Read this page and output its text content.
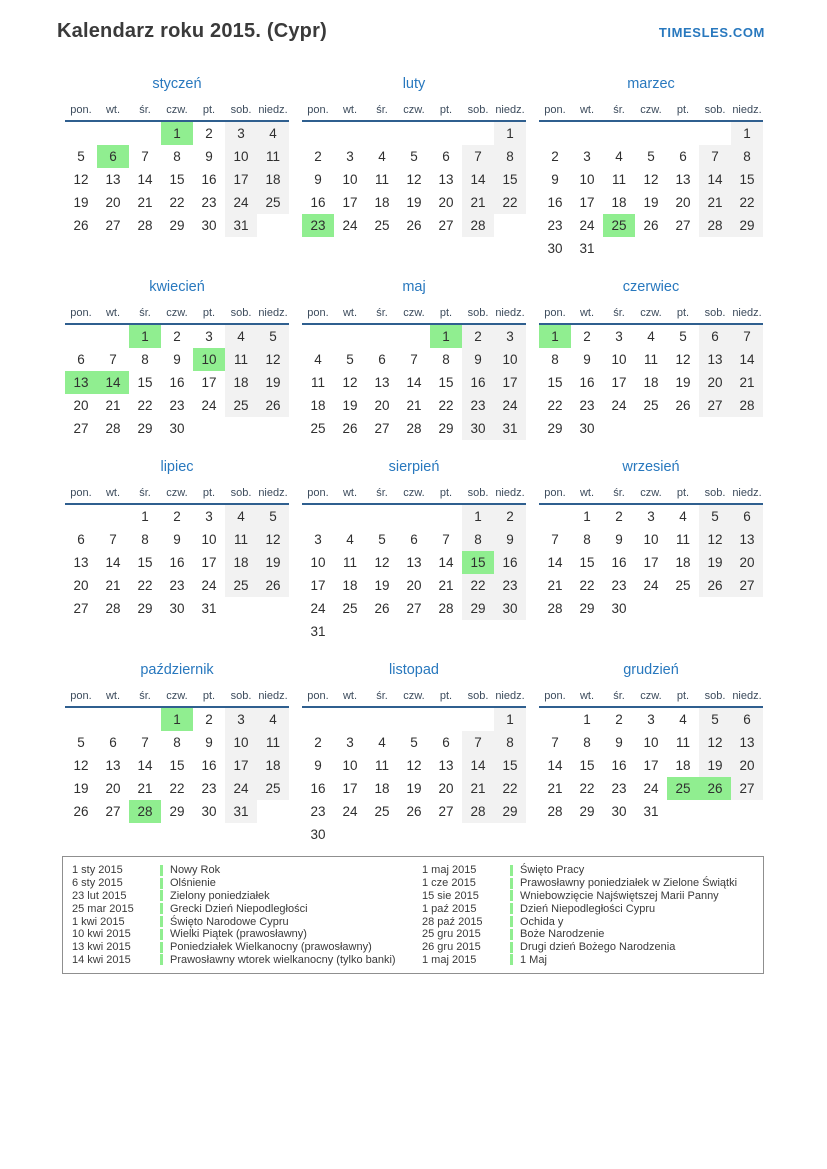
Kalendarz roku 2015. (Cypr)	TIMESLES.COM
styczeń
pon.	wt.	śr.	czw.	pt.	sob.	niedz.
			1	2	3	4
5	6	7	8	9	10	11
12	13	14	15	16	17	18
19	20	21	22	23	24	25
26	27	28	29	30	31	
luty
pon.	wt.	śr.	czw.	pt.	sob.	niedz.
						1
2	3	4	5	6	7	8
9	10	11	12	13	14	15
16	17	18	19	20	21	22
23	24	25	26	27	28	
marzec
pon.	wt.	śr.	czw.	pt.	sob.	niedz.
						1
2	3	4	5	6	7	8
9	10	11	12	13	14	15
16	17	18	19	20	21	22
23	24	25	26	27	28	29
30	31					
kwiecień
pon.	wt.	śr.	czw.	pt.	sob.	niedz.
		1	2	3	4	5
6	7	8	9	10	11	12
13	14	15	16	17	18	19
20	21	22	23	24	25	26
27	28	29	30			
maj
pon.	wt.	śr.	czw.	pt.	sob.	niedz.
				1	2	3
4	5	6	7	8	9	10
11	12	13	14	15	16	17
18	19	20	21	22	23	24
25	26	27	28	29	30	31
czerwiec
pon.	wt.	śr.	czw.	pt.	sob.	niedz.
1	2	3	4	5	6	7
8	9	10	11	12	13	14
15	16	17	18	19	20	21
22	23	24	25	26	27	28
29	30					
lipiec
pon.	wt.	śr.	czw.	pt.	sob.	niedz.
		1	2	3	4	5
6	7	8	9	10	11	12
13	14	15	16	17	18	19
20	21	22	23	24	25	26
27	28	29	30	31		
sierpień
pon.	wt.	śr.	czw.	pt.	sob.	niedz.
					1	2
3	4	5	6	7	8	9
10	11	12	13	14	15	16
17	18	19	20	21	22	23
24	25	26	27	28	29	30
31						
wrzesień
pon.	wt.	śr.	czw.	pt.	sob.	niedz.
	1	2	3	4	5	6
7	8	9	10	11	12	13
14	15	16	17	18	19	20
21	22	23	24	25	26	27
28	29	30				
październik
pon.	wt.	śr.	czw.	pt.	sob.	niedz.
			1	2	3	4
5	6	7	8	9	10	11
12	13	14	15	16	17	18
19	20	21	22	23	24	25
26	27	28	29	30	31	
listopad
pon.	wt.	śr.	czw.	pt.	sob.	niedz.
						1
2	3	4	5	6	7	8
9	10	11	12	13	14	15
16	17	18	19	20	21	22
23	24	25	26	27	28	29
30						
grudzień
pon.	wt.	śr.	czw.	pt.	sob.	niedz.
	1	2	3	4	5	6
7	8	9	10	11	12	13
14	15	16	17	18	19	20
21	22	23	24	25	26	27
28	29	30	31			
1 sty 2015	Nowy Rok
6 sty 2015	Olśnienie
23 lut 2015	Zielony poniedziałek
25 mar 2015	Grecki Dzień Niepodległości
1 kwi 2015	Święto Narodowe Cypru
10 kwi 2015	Wielki Piątek (prawosławny)
13 kwi 2015	Poniedziałek Wielkanocny (prawosławny)
14 kwi 2015	Prawosławny wtorek wielkanocny (tylko banki)
1 maj 2015	Święto Pracy
1 cze 2015	Prawosławny poniedziałek w Zielone Świątki
15 sie 2015	Wniebowzięcie Najświętszej Marii Panny
1 paź 2015	Dzień Niepodległości Cypru
28 paź 2015	Ochida y
25 gru 2015	Boże Narodzenie
26 gru 2015	Drugi dzień Bożego Narodzenia
1 maj 2015	1 Maj
